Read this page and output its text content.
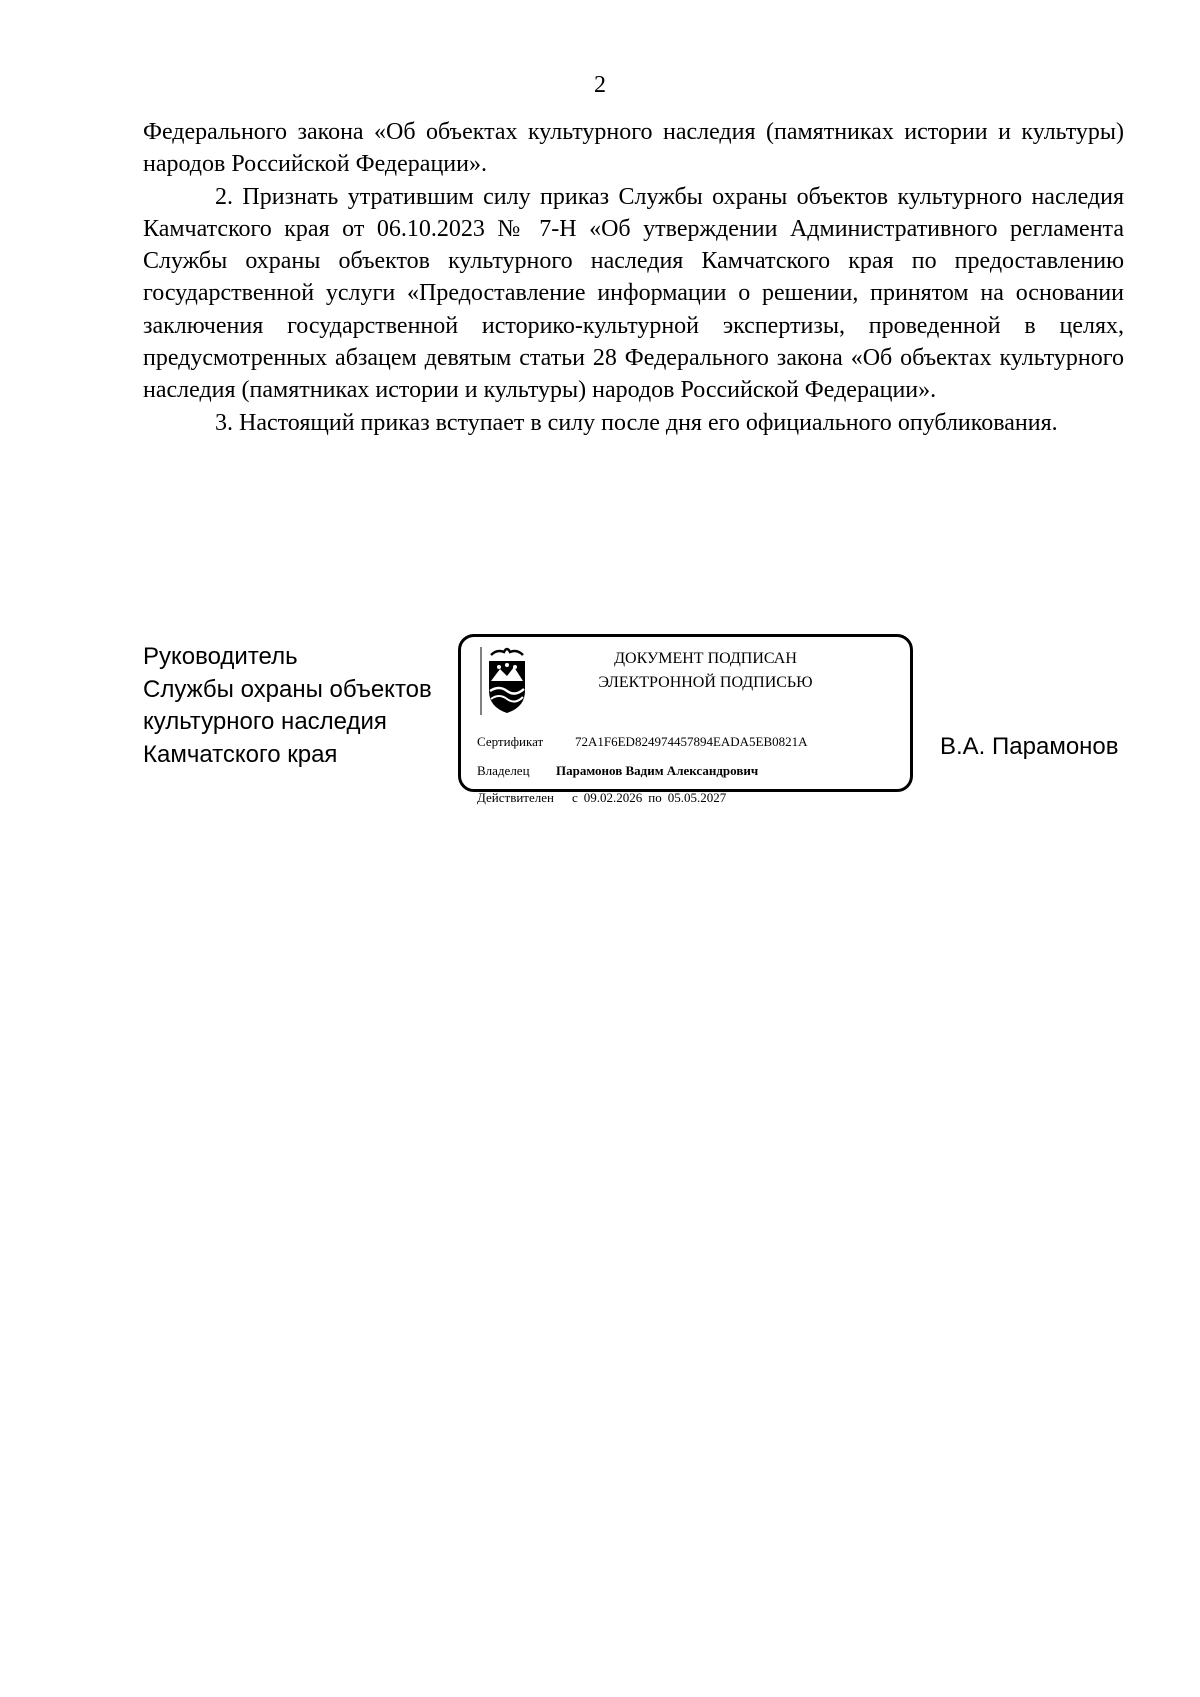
2

Федерального закона «Об объектах культурного наследия (памятниках истории и культуры) народов Российской Федерации».

2. Признать утратившим силу приказ Службы охраны объектов культурного наследия Камчатского края от 06.10.2023 № 7-Н «Об утверждении Административного регламента Службы охраны объектов культурного наследия Камчатского края по предоставлению государственной услуги «Предоставление информации о решении, принятом на основании заключения государственной историко-культурной экспертизы, проведенной в целях, предусмотренных абзацем девятым статьи 28 Федерального закона «Об объектах культурного наследия (памятниках истории и культуры) народов Российской Федерации».

3. Настоящий приказ вступает в силу после дня его официального опубликования.

Руководитель
Службы охраны объектов
культурного наследия
Камчатского края
ДОКУМЕНТ ПОДПИСАН
ЭЛЕКТРОННОЙ ПОДПИСЬЮ
Сертификат 72A1F6ED824974457894EADA5EB0821A
Владелец Парамонов Вадим Александрович
Действителен с 09.02.2026 по 05.05.2027
В.А. Парамонов
